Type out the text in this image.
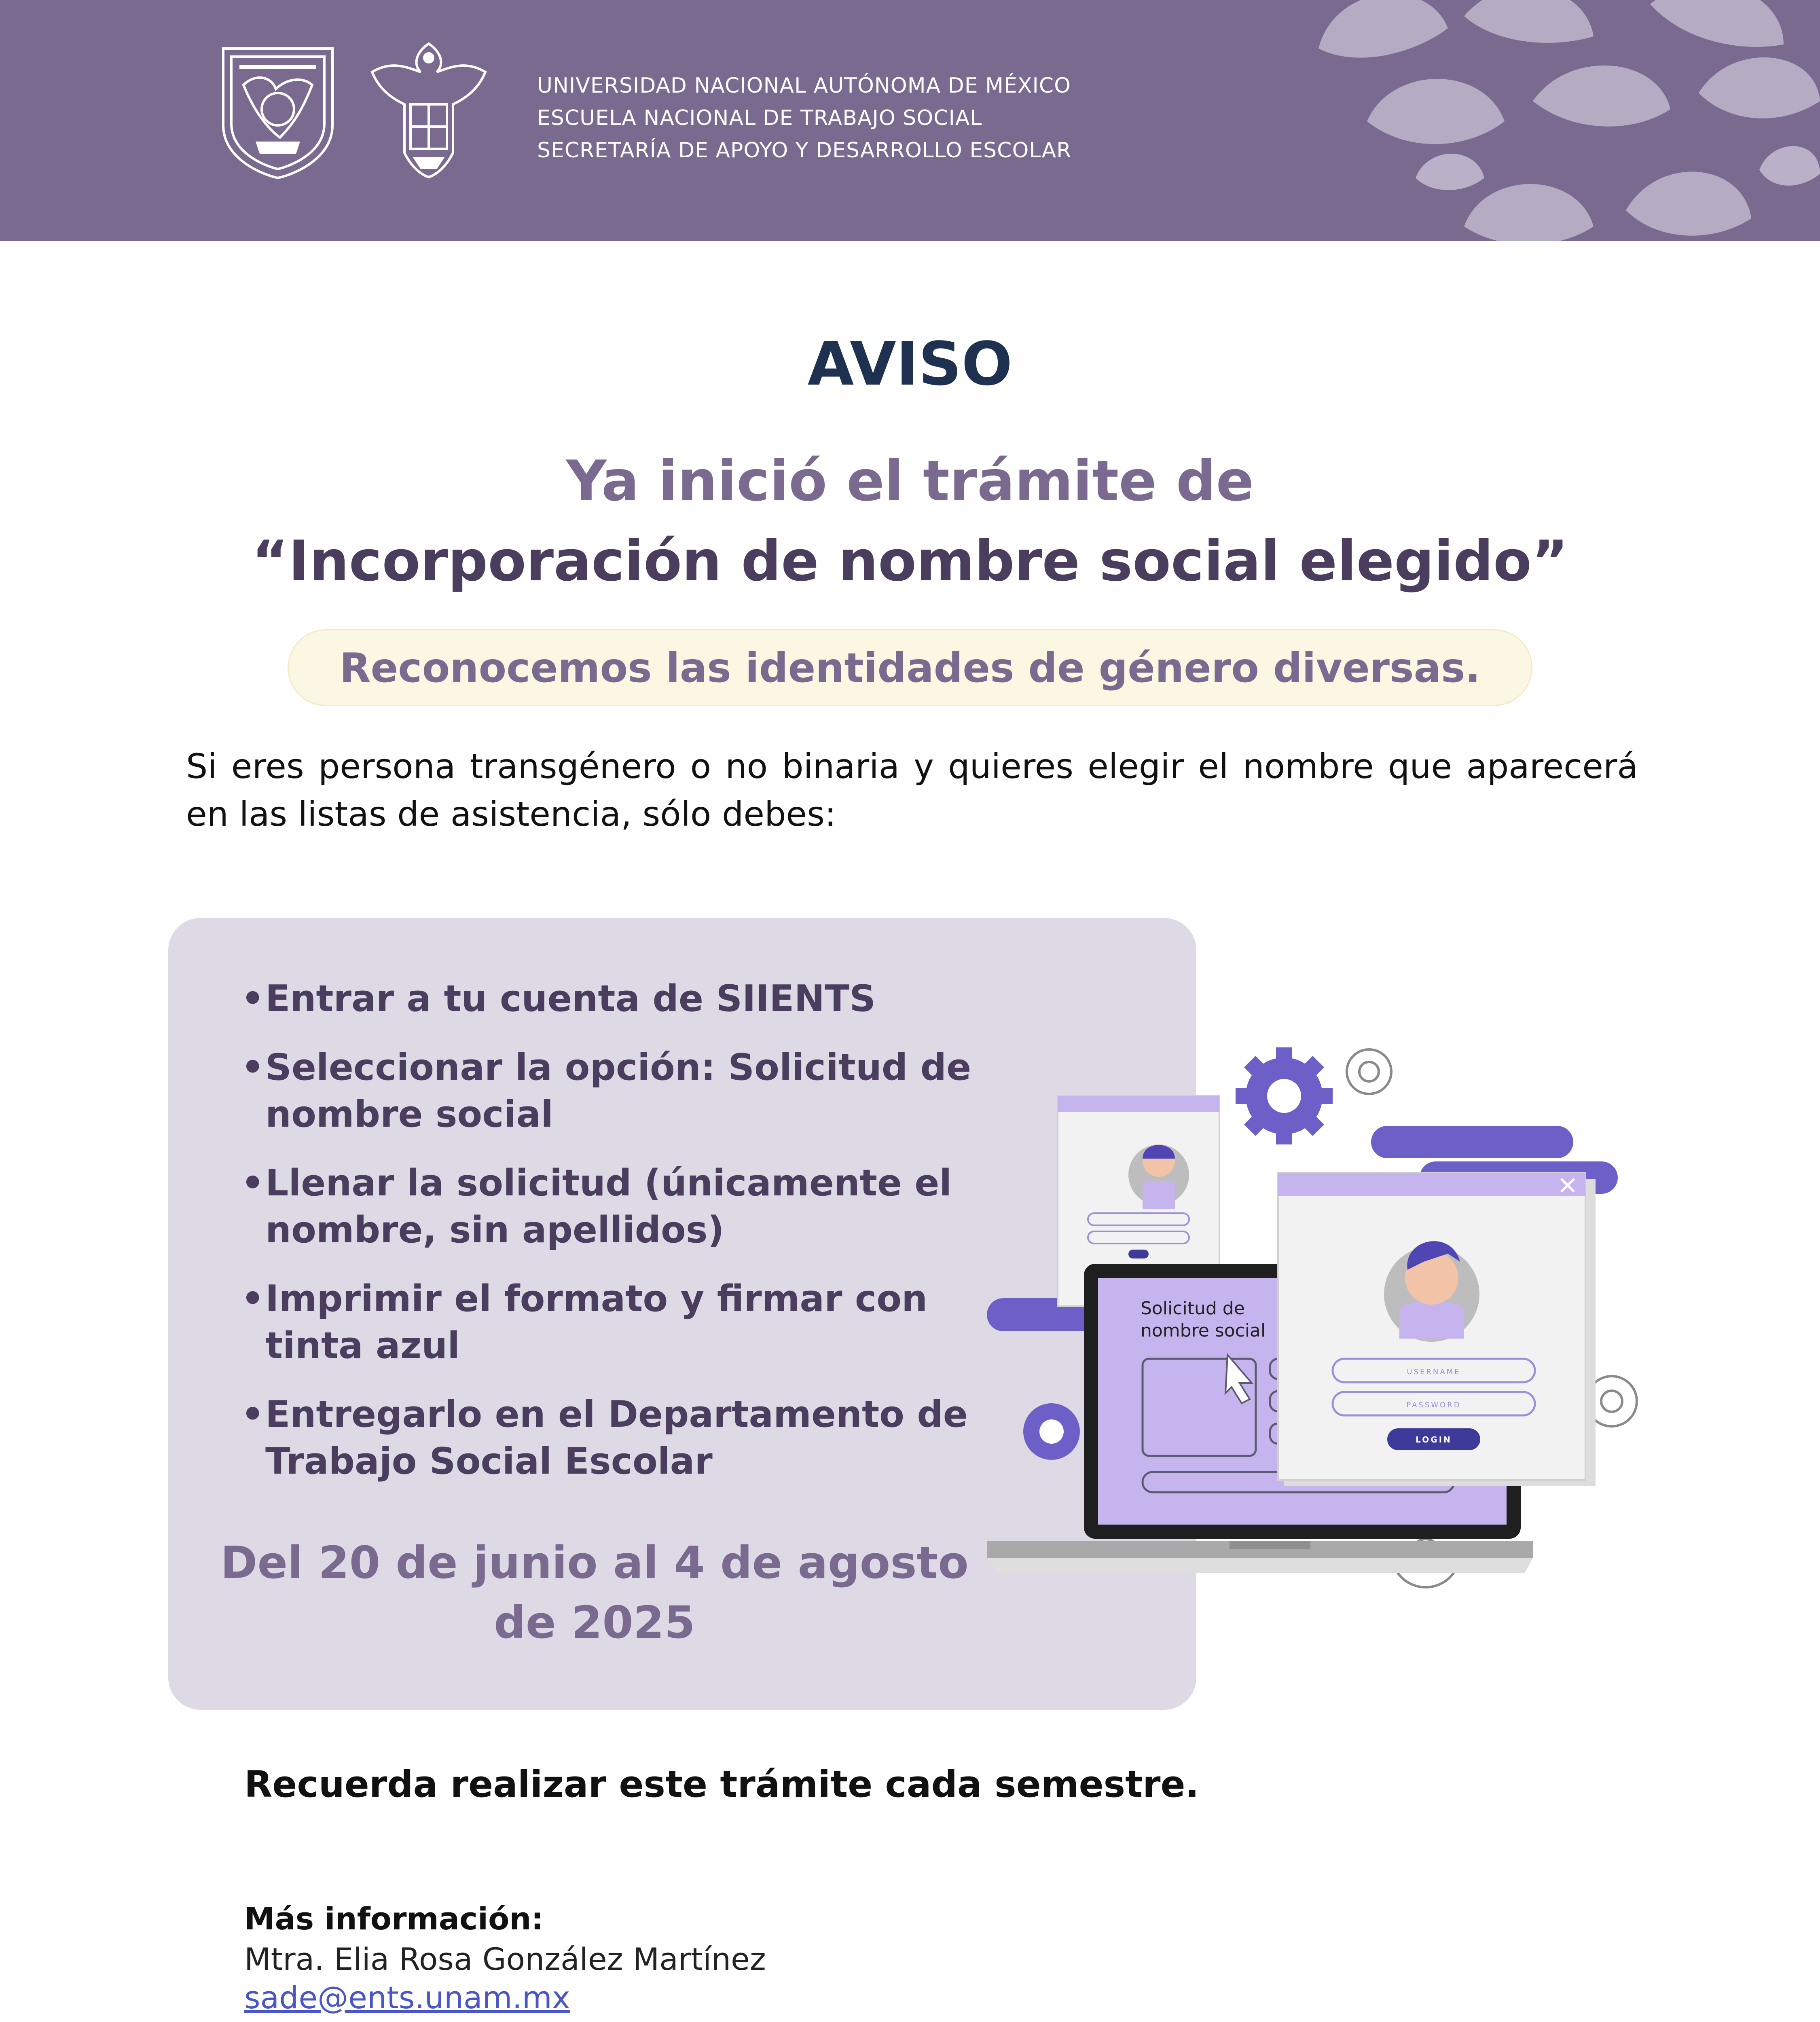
UNIVERSIDAD NACIONAL AUTÓNOMA DE MÉXICO
ESCUELA NACIONAL DE TRABAJO SOCIAL
SECRETARÍA DE APOYO Y DESARROLLO ESCOLAR
AVISO
Ya inició el trámite de
“Incorporación de nombre social elegido”
Reconocemos las identidades de género diversas.
Si eres persona transgénero o no binaria y quieres elegir el nombre que aparecerá en las listas de asistencia, sólo debes:
• Entrar a tu cuenta de SIIENTS
• Seleccionar la opción: Solicitud de nombre social
• Llenar la solicitud (únicamente el nombre, sin apellidos)
• Imprimir el formato y firmar con tinta azul
• Entregarlo en el Departamento de Trabajo Social Escolar
Del 20 de junio al 4 de agosto
de 2025
Solicitud de
nombre social
USERNAME
PASSWORD
LOGIN
Recuerda realizar este trámite cada semestre.
Más información:
Mtra. Elia Rosa González Martínez
sade@ents.unam.mx
